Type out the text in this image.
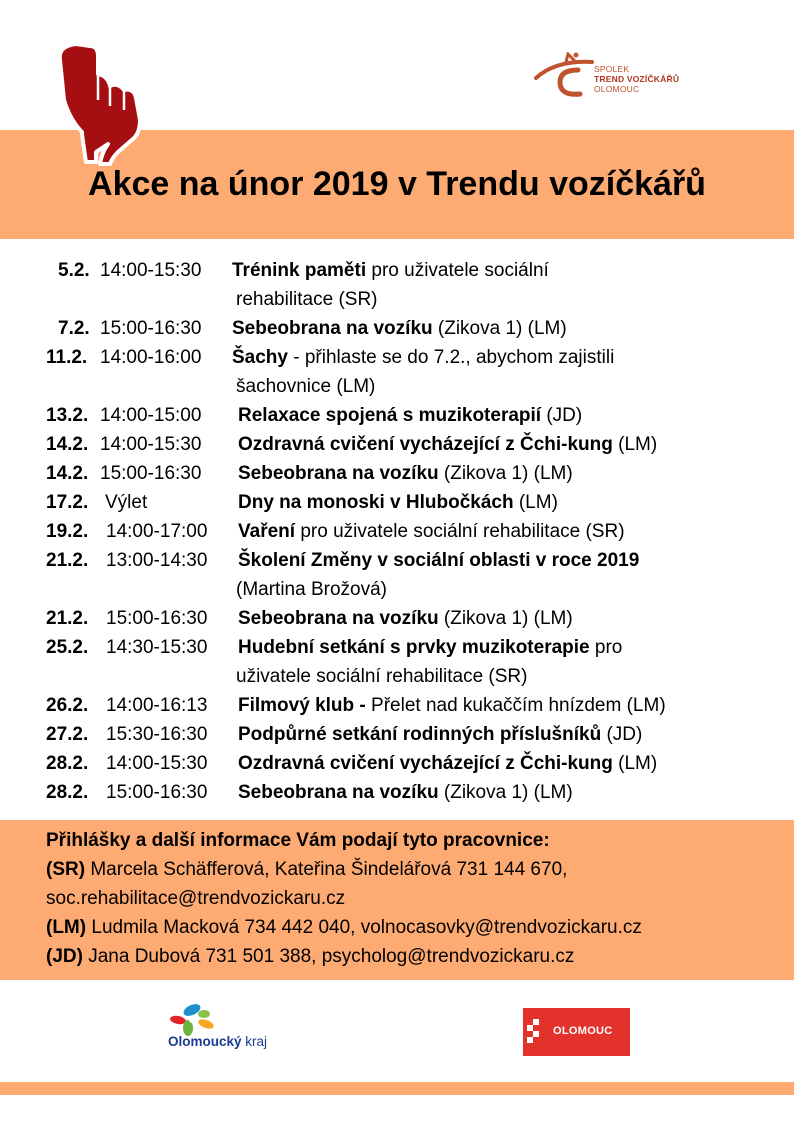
SPOLEK
TREND VOZÍČKÁŘŮ
OLOMOUC
Akce na únor 2019 v Trendu vozíčkářů
5.2. 14:00-15:30 Trénink paměti pro uživatele sociální
rehabilitace (SR)
7.2. 15:00-16:30 Sebeobrana na vozíku (Zikova 1) (LM)
11.2. 14:00-16:00 Šachy - přihlaste se do 7.2., abychom zajistili
šachovnice (LM)
13.2. 14:00-15:00 Relaxace spojená s muzikoterapií (JD)
14.2. 14:00-15:30 Ozdravná cvičení vycházející z Čchi-kung (LM)
14.2. 15:00-16:30 Sebeobrana na vozíku (Zikova 1) (LM)
17.2. Výlet	Dny na monoski v Hlubočkách (LM)
19.2. 14:00-17:00 Vaření pro uživatele sociální rehabilitace (SR)
21.2. 13:00-14:30 Školení Změny v sociální oblasti v roce 2019
(Martina Brožová)
21.2. 15:00-16:30 Sebeobrana na vozíku (Zikova 1) (LM)
25.2. 14:30-15:30 Hudební setkání s prvky muzikoterapie pro
uživatele sociální rehabilitace (SR)
26.2. 14:00-16:13 Filmový klub - Přelet nad kukaččím hnízdem (LM)
27.2. 15:30-16:30 Podpůrné setkání rodinných příslušníků (JD)
28.2. 14:00-15:30 Ozdravná cvičení vycházející z Čchi-kung (LM)
28.2. 15:00-16:30 Sebeobrana na vozíku (Zikova 1) (LM)
Přihlášky a další informace Vám podají tyto pracovnice:
(SR) Marcela Schäfferová, Kateřina Šindelářová 731 144 670,
soc.rehabilitace@trendvozickaru.cz
(LM) Ludmila Macková 734 442 040, volnocasovky@trendvozickaru.cz
(JD) Jana Dubová 731 501 388, psycholog@trendvozickaru.cz
Olomoucký kraj
OLOMOUC
